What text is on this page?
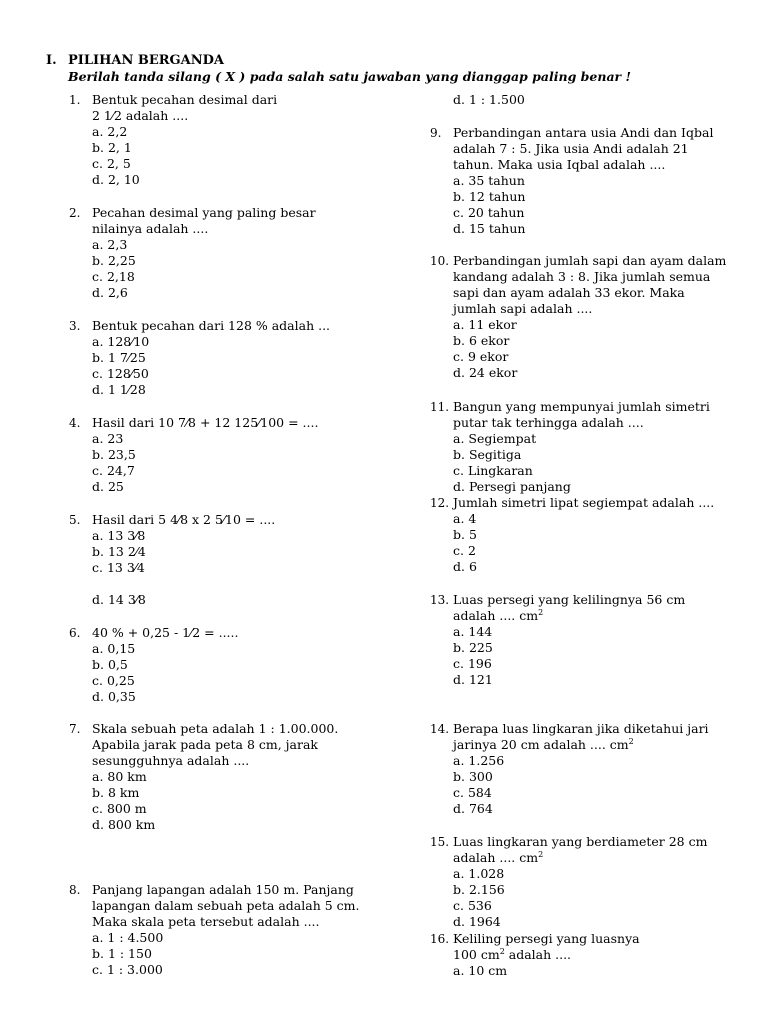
I. PILIHAN BERGANDA
Berilah tanda silang ( X ) pada salah satu jawaban yang dianggap paling benar !
1. Bentuk pecahan desimal dari
2 1⁄2 adalah ....
a. 2,2
b. 2, 1
c. 2, 5
d. 2, 10
2. Pecahan desimal yang paling besar
nilainya adalah ....
a. 2,3
b. 2,25
c. 2,18
d. 2,6
3. Bentuk pecahan dari 128 % adalah ...
a. 128⁄10
b. 1 7⁄25
c. 128⁄50
d. 1 1⁄28
4. Hasil dari 10 7⁄8 + 12 125⁄100 = ....
a. 23
b. 23,5
c. 24,7
d. 25
5. Hasil dari 5 4⁄8 x 2 5⁄10 = ....
a. 13 3⁄8
b. 13 2⁄4
c. 13 3⁄4
d. 14 3⁄8
6. 40 % + 0,25 - 1⁄2 = .....
a. 0,15
b. 0,5
c. 0,25
d. 0,35
7. Skala sebuah peta adalah 1 : 1.00.000.
Apabila jarak pada peta 8 cm, jarak
sesungguhnya adalah ....
a. 80 km
b. 8 km
c. 800 m
d. 800 km
8. Panjang lapangan adalah 150 m. Panjang
lapangan dalam sebuah peta adalah 5 cm.
Maka skala peta tersebut adalah ....
a. 1 : 4.500
b. 1 : 150
c. 1 : 3.000
d. 1 : 1.500
9. Perbandingan antara usia Andi dan Iqbal
adalah 7 : 5. Jika usia Andi adalah 21
tahun. Maka usia Iqbal adalah ....
a. 35 tahun
b. 12 tahun
c. 20 tahun
d. 15 tahun
10. Perbandingan jumlah sapi dan ayam dalam
kandang adalah 3 : 8. Jika jumlah semua
sapi dan ayam adalah 33 ekor. Maka
jumlah sapi adalah ....
a. 11 ekor
b. 6 ekor
c. 9 ekor
d. 24 ekor
11. Bangun yang mempunyai jumlah simetri
putar tak terhingga adalah ....
a. Segiempat
b. Segitiga
c. Lingkaran
d. Persegi panjang
12. Jumlah simetri lipat segiempat adalah ....
a. 4
b. 5
c. 2
d. 6
13. Luas persegi yang kelilingnya 56 cm
adalah .... $cm^2$
a. 144
b. 225
c. 196
d. 121
14. Berapa luas lingkaran jika diketahui jari
jarinya 20 cm adalah .... $cm^2$
a. 1.256
b. 300
c. 584
d. 764
15. Luas lingkaran yang berdiameter 28 cm
adalah .... $cm^2$
a. 1.028
b. 2.156
c. 536
d. 1964
16. Keliling persegi yang luasnya
100 $cm^2$ adalah ....
a. 10 cm
